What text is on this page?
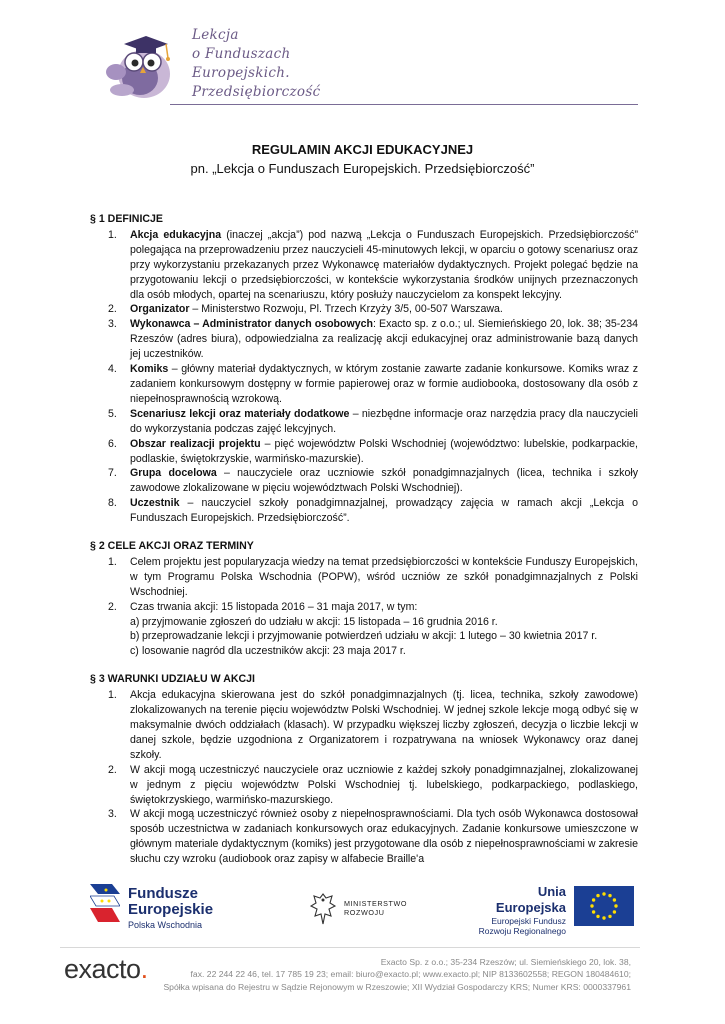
Lekcja
o Funduszach
Europejskich.
Przedsiębiorczość
REGULAMIN AKCJI EDUKACYJNEJ
pn. „Lekcja o Funduszach Europejskich. Przedsiębiorczość”
§ 1 DEFINICJE
1. Akcja edukacyjna (inaczej „akcja”) pod nazwą „Lekcja o Funduszach Europejskich. Przedsiębiorczość” polegająca na przeprowadzeniu przez nauczycieli 45-minutowych lekcji, w oparciu o gotowy scenariusz oraz przy wykorzystaniu przekazanych przez Wykonawcę materiałów dydaktycznych. Projekt polegać będzie na przygotowaniu lekcji o przedsiębiorczości, w kontekście wykorzystania środków unijnych przeznaczonych dla osób młodych, opartej na scenariuszu, który posłuży nauczycielom za konspekt lekcyjny.
2. Organizator – Ministerstwo Rozwoju, Pl. Trzech Krzyży 3/5, 00-507 Warszawa.
3. Wykonawca – Administrator danych osobowych: Exacto sp. z o.o.; ul. Siemieńskiego 20, lok. 38; 35-234 Rzeszów (adres biura), odpowiedzialna za realizację akcji edukacyjnej oraz administrowanie bazą danych jej uczestników.
4. Komiks – główny materiał dydaktycznych, w którym zostanie zawarte zadanie konkursowe. Komiks wraz z zadaniem konkursowym dostępny w formie papierowej oraz w formie audiobooka, dostosowany dla osób z niepełnosprawnością wzrokową.
5. Scenariusz lekcji oraz materiały dodatkowe – niezbędne informacje oraz narzędzia pracy dla nauczycieli do wykorzystania podczas zajęć lekcyjnych.
6. Obszar realizacji projektu – pięć województw Polski Wschodniej (województwo: lubelskie, podkarpackie, podlaskie, świętokrzyskie, warmińsko-mazurskie).
7. Grupa docelowa – nauczyciele oraz uczniowie szkół ponadgimnazjalnych (licea, technika i szkoły zawodowe zlokalizowane w pięciu województwach Polski Wschodniej).
8. Uczestnik – nauczyciel szkoły ponadgimnazjalnej, prowadzący zajęcia w ramach akcji „Lekcja o Funduszach Europejskich. Przedsiębiorczość”.
§ 2 CELE AKCJI ORAZ TERMINY
1. Celem projektu jest popularyzacja wiedzy na temat przedsiębiorczości w kontekście Funduszy Europejskich, w tym Programu Polska Wschodnia (POPW), wśród uczniów ze szkół ponadgimnazjalnych z Polski Wschodniej.
2. Czas trwania akcji: 15 listopada 2016 – 31 maja 2017, w tym:
a) przyjmowanie zgłoszeń do udziału w akcji: 15 listopada – 16 grudnia 2016 r.
b) przeprowadzanie lekcji i przyjmowanie potwierdzeń udziału w akcji: 1 lutego – 30 kwietnia 2017 r.
c) losowanie nagród dla uczestników akcji: 23 maja 2017 r.
§ 3 WARUNKI UDZIAŁU W AKCJI
1. Akcja edukacyjna skierowana jest do szkół ponadgimnazjalnych (tj. licea, technika, szkoły zawodowe) zlokalizowanych na terenie pięciu województw Polski Wschodniej. W jednej szkole lekcje mogą odbyć się w maksymalnie dwóch oddziałach (klasach). W przypadku większej liczby zgłoszeń, decyzja o liczbie lekcji w danej szkole, będzie uzgodniona z Organizatorem i rozpatrywana na wniosek Wykonawcy oraz danej szkoły.
2. W akcji mogą uczestniczyć nauczyciele oraz uczniowie z każdej szkoły ponadgimnazjalnej, zlokalizowanej w jednym z pięciu województw Polski Wschodniej tj. lubelskiego, podkarpackiego, podlaskiego, świętokrzyskiego, warmińsko-mazurskiego.
3. W akcji mogą uczestniczyć również osoby z niepełnosprawnościami. Dla tych osób Wykonawca dostosował sposób uczestnictwa w zadaniach konkursowych oraz edukacyjnych. Zadanie konkursowe umieszczone w głównym materiale dydaktycznym (komiks) jest przygotowane dla osób z niepełnosprawnościami w zakresie słuchu czy wzroku (audiobook oraz zapisy w alfabecie Braille'a
Fundusze
Europejskie
Polska Wschodnia
MINISTERSTWO
ROZWOJU
Unia Europejska
Europejski Fundusz
Rozwoju Regionalnego
exacto.	Exacto Sp. z o.o.; 35-234 Rzeszów; ul. Siemieńskiego 20, lok. 38,
fax. 22 244 22 46, tel. 17 785 19 23; email: biuro@exacto.pl; www.exacto.pl; NIP 8133602558; REGON 180484610;
Spółka wpisana do Rejestru w Sądzie Rejonowym w Rzeszowie; XII Wydział Gospodarczy KRS; Numer KRS: 0000337961
